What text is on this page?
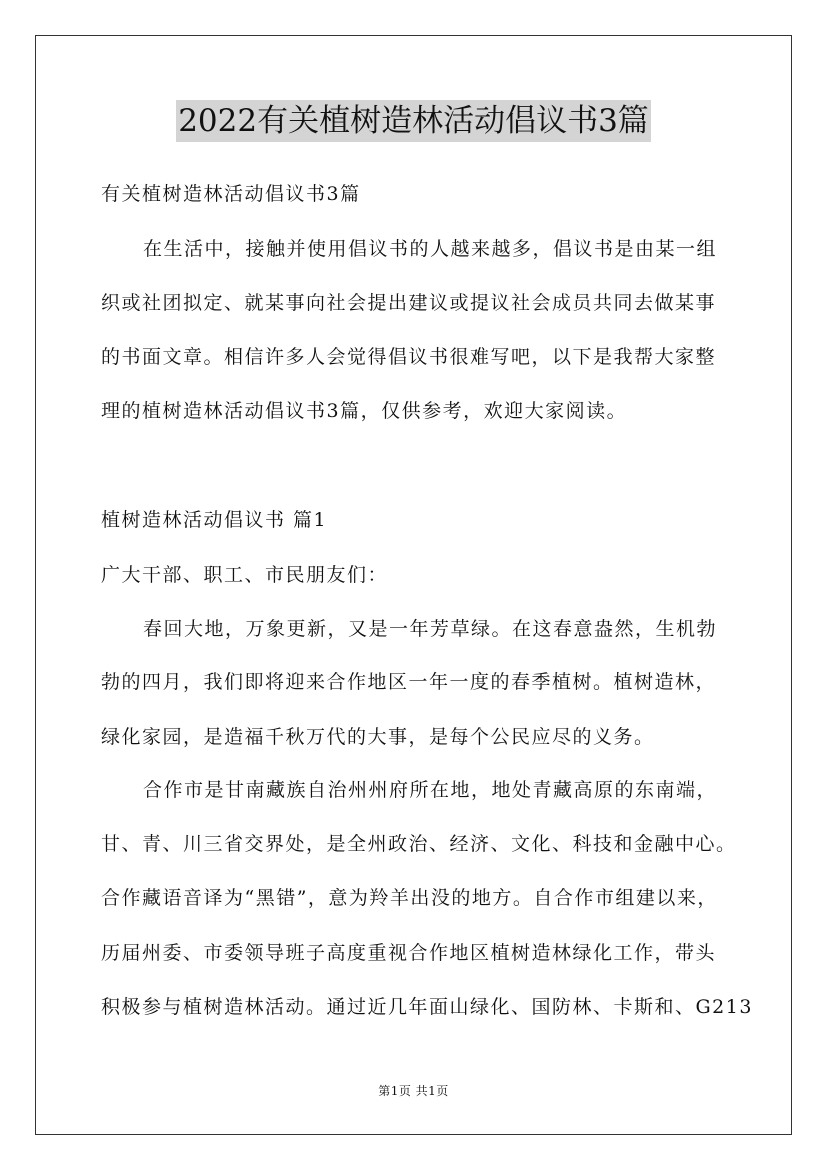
2022有关植树造林活动倡议书3篇
有关植树造林活动倡议书3篇
在生活中，接触并使用倡议书的人越来越多，倡议书是由某一组
织或社团拟定、就某事向社会提出建议或提议社会成员共同去做某事
的书面文章。相信许多人会觉得倡议书很难写吧，以下是我帮大家整
理的植树造林活动倡议书3篇，仅供参考，欢迎大家阅读。
植树造林活动倡议书 篇1
广大干部、职工、市民朋友们：
春回大地，万象更新，又是一年芳草绿。在这春意盎然，生机勃
勃的四月，我们即将迎来合作地区一年一度的春季植树。植树造林，
绿化家园，是造福千秋万代的大事，是每个公民应尽的义务。
合作市是甘南藏族自治州州府所在地，地处青藏高原的东南端，
甘、青、川三省交界处，是全州政治、经济、文化、科技和金融中心。
合作藏语音译为“黑错”，意为羚羊出没的地方。自合作市组建以来，
历届州委、市委领导班子高度重视合作地区植树造林绿化工作，带头
积极参与植树造林活动。通过近几年面山绿化、国防林、卡斯和、G213
第1页 共1页
